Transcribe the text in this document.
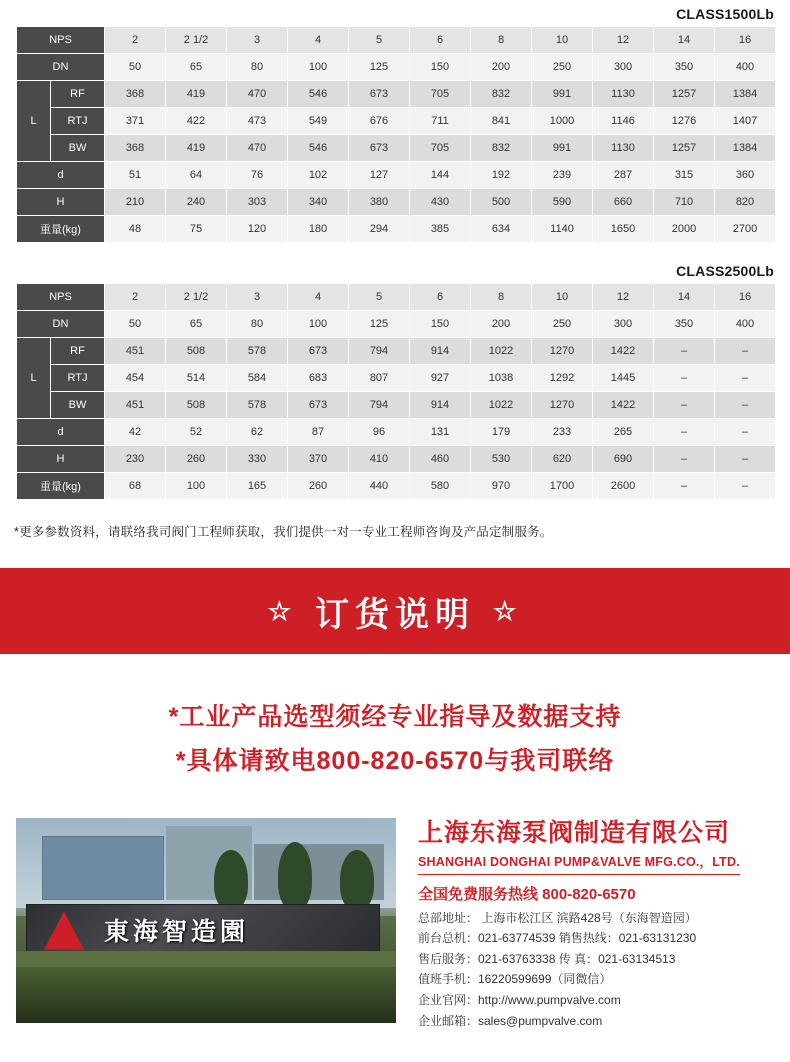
CLASS1500Lb
NPS		2	2 1/2	3	4	5	6	8	10	12	14	16
DN		50	65	80	100	125	150	200	250	300	350	400
L	RF	368	419	470	546	673	705	832	991	1130	1257	1384
	RTJ	371	422	473	549	676	711	841	1000	1146	1276	1407
	BW	368	419	470	546	673	705	832	991	1130	1257	1384
d		51	64	76	102	127	144	192	239	287	315	360
H		210	240	303	340	380	430	500	590	660	710	820
重量(kg)		48	75	120	180	294	385	634	1140	1650	2000	2700
CLASS2500Lb
NPS		2	2 1/2	3	4	5	6	8	10	12	14	16
DN		50	65	80	100	125	150	200	250	300	350	400
L	RF	451	508	578	673	794	914	1022	1270	1422	–	–
	RTJ	454	514	584	683	807	927	1038	1292	1445	–	–
	BW	451	508	578	673	794	914	1022	1270	1422	–	–
d		42	52	62	87	96	131	179	233	265	–	–
H		230	260	330	370	410	460	530	620	690	–	–
重量(kg)		68	100	165	260	440	580	970	1700	2600	–	–
*更多参数资料，请联络我司阀门工程师获取，我们提供一对一专业工程师咨询及产品定制服务。
☆ 订货说明 ☆
*工业产品选型须经专业指导及数据支持
*具体请致电800-820-6570与我司联络
東海智造園
上海东海泵阀制造有限公司
SHANGHAI DONGHAI PUMP&VALVE MFG.CO.，LTD.
全国免费服务热线 800-820-6570
总部地址： 上海市松江区 滨路428号（东海智造园）
前台总机：021-63774539 销售热线：021-63131230
售后服务：021-63763338 传 真：021-63134513
值班手机：16220599699（同微信）
企业官网：http://www.pumpvalve.com
企业邮箱：sales@pumpvalve.com
